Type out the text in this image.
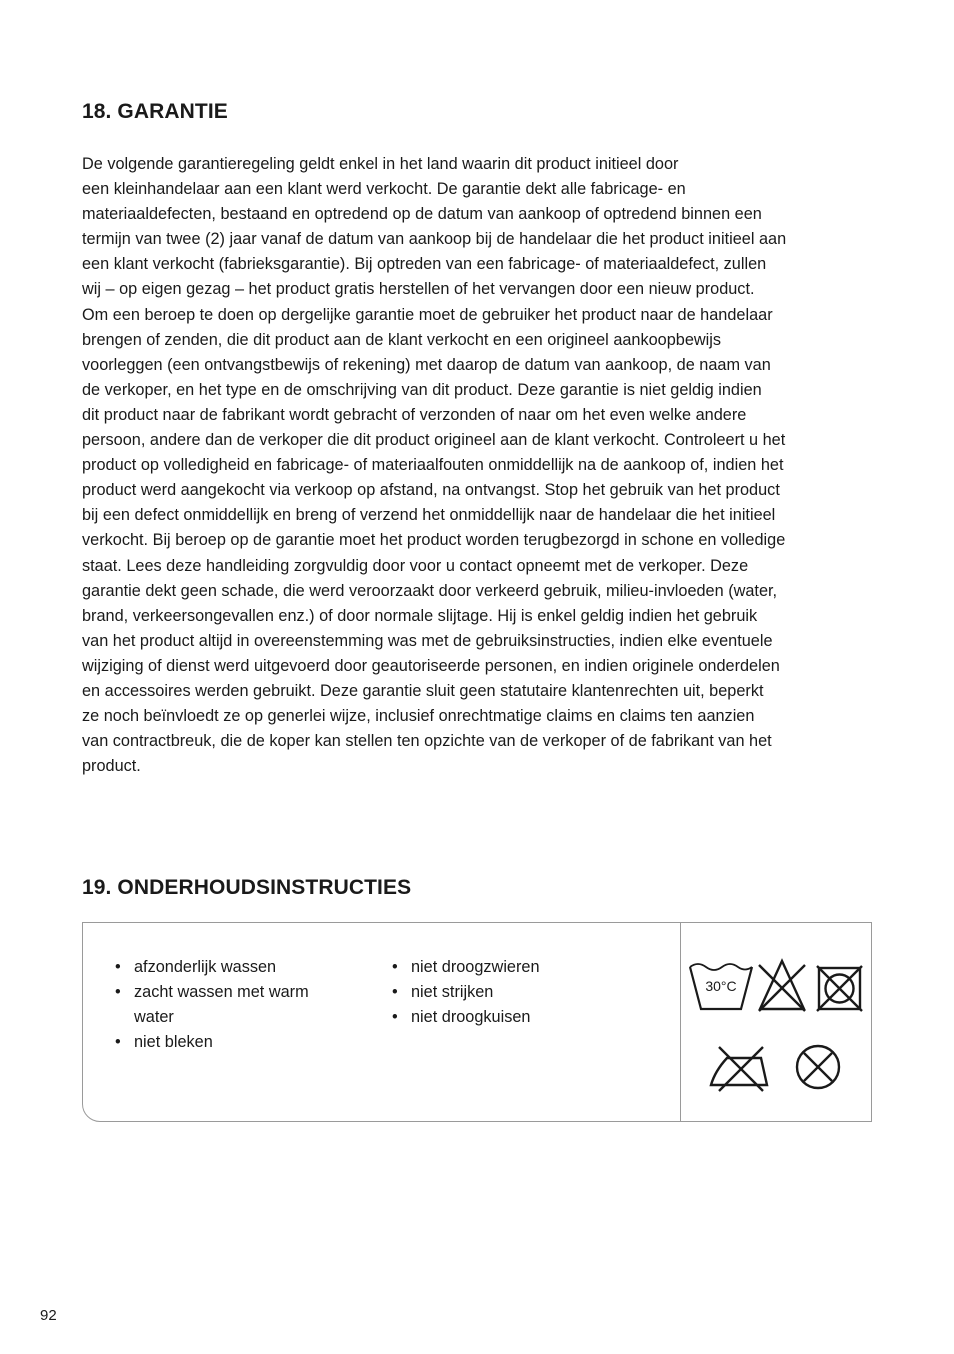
18. GARANTIE

De volgende garantieregeling geldt enkel in het land waarin dit product initieel door
een kleinhandelaar aan een klant werd verkocht. De garantie dekt alle fabricage- en
materiaaldefecten, bestaand en optredend op de datum van aankoop of optredend binnen een
termijn van twee (2) jaar vanaf de datum van aankoop bij de handelaar die het product initieel aan
een klant verkocht (fabrieksgarantie). Bij optreden van een fabricage- of materiaaldefect, zullen
wij – op eigen gezag – het product gratis herstellen of het vervangen door een nieuw product.
Om een beroep te doen op dergelijke garantie moet de gebruiker het product naar de handelaar
brengen of zenden, die dit product aan de klant verkocht en een origineel aankoopbewijs
voorleggen (een ontvangstbewijs of rekening) met daarop de datum van aankoop, de naam van
de verkoper, en het type en de omschrijving van dit product. Deze garantie is niet geldig indien
dit product naar de fabrikant wordt gebracht of verzonden of naar om het even welke andere
persoon, andere dan de verkoper die dit product origineel aan de klant verkocht. Controleert u het
product op volledigheid en fabricage- of materiaalfouten onmiddellijk na de aankoop of, indien het
product werd aangekocht via verkoop op afstand, na ontvangst. Stop het gebruik van het product
bij een defect onmiddellijk en breng of verzend het onmiddellijk naar de handelaar die het initieel
verkocht. Bij beroep op de garantie moet het product worden terugbezorgd in schone en volledige
staat. Lees deze handleiding zorgvuldig door voor u contact opneemt met de verkoper. Deze
garantie dekt geen schade, die werd veroorzaakt door verkeerd gebruik, milieu-invloeden (water,
brand, verkeersongevallen enz.) of door normale slijtage. Hij is enkel geldig indien het gebruik
van het product altijd in overeenstemming was met de gebruiksinstructies, indien elke eventuele
wijziging of dienst werd uitgevoerd door geautoriseerde personen, en indien originele onderdelen
en accessoires werden gebruikt. Deze garantie sluit geen statutaire klantenrechten uit, beperkt
ze noch beïnvloedt ze op generlei wijze, inclusief onrechtmatige claims en claims ten aanzien
van contractbreuk, die de koper kan stellen ten opzichte van de verkoper of de fabrikant van het
product.

19. ONDERHOUDSINSTRUCTIES
• afzonderlijk wassen
• zacht wassen met warm water
• niet bleken
• niet droogzwieren
• niet strijken
• niet droogkuisen
30°C

92
